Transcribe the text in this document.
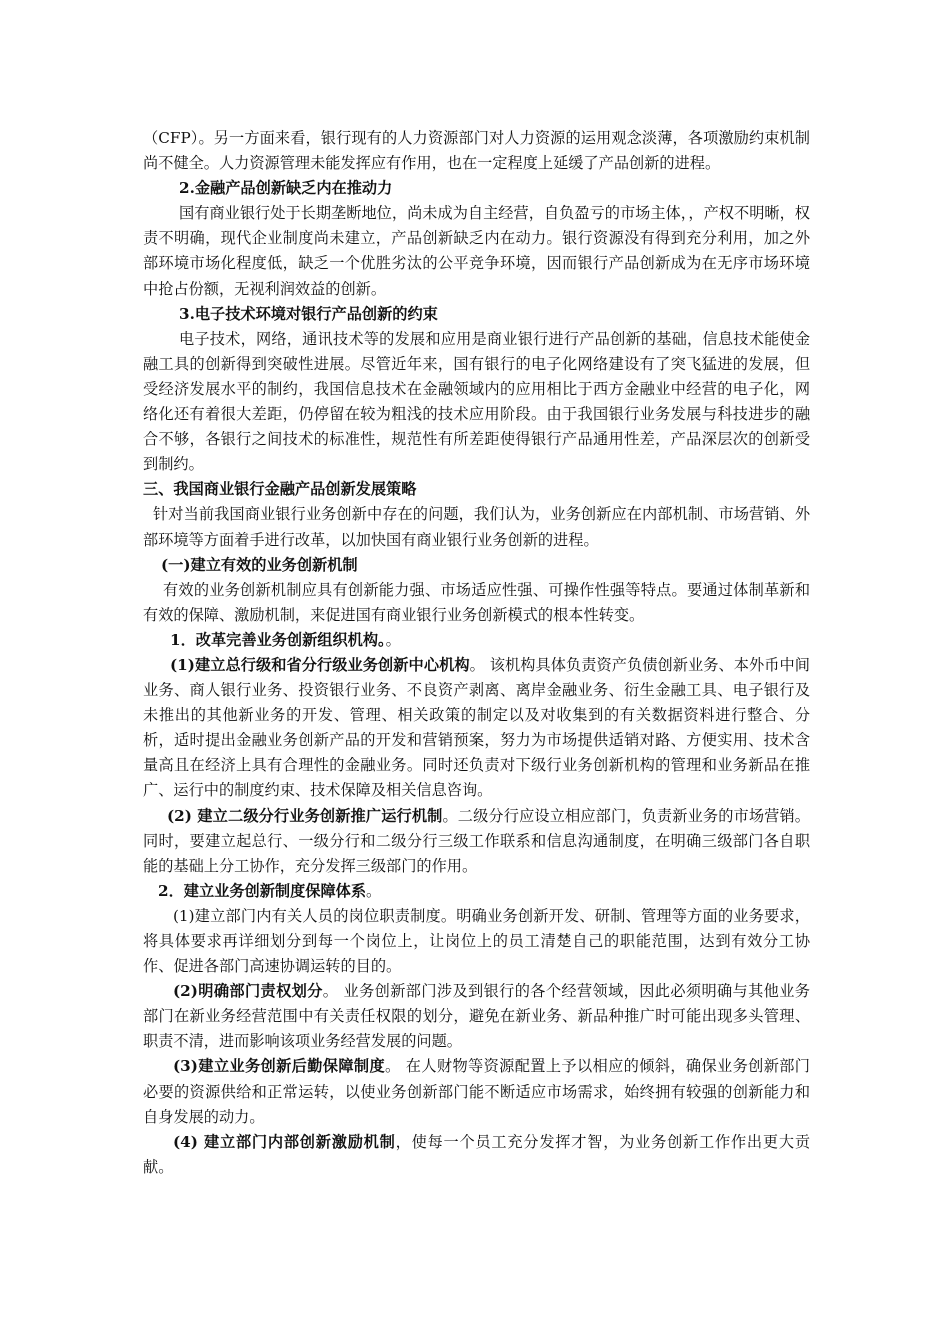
（CFP）。另一方面来看，银行现有的人力资源部门对人力资源的运用观念淡薄，各项激励约束机制尚不健全。人力资源管理未能发挥应有作用，也在一定程度上延缓了产品创新的进程。

2.金融产品创新缺乏内在推动力

国有商业银行处于长期垄断地位，尚未成为自主经营，自负盈亏的市场主体，，产权不明晰，权责不明确，现代企业制度尚未建立，产品创新缺乏内在动力。银行资源没有得到充分利用，加之外部环境市场化程度低，缺乏一个优胜劣汰的公平竞争环境，因而银行产品创新成为在无序市场环境中抢占份额，无视利润效益的创新。

3.电子技术环境对银行产品创新的约束

电子技术，网络，通讯技术等的发展和应用是商业银行进行产品创新的基础，信息技术能使金融工具的创新得到突破性进展。尽管近年来，国有银行的电子化网络建设有了突飞猛进的发展，但受经济发展水平的制约，我国信息技术在金融领域内的应用相比于西方金融业中经营的电子化，网络化还有着很大差距，仍停留在较为粗浅的技术应用阶段。由于我国银行业务发展与科技进步的融合不够，各银行之间技术的标准性，规范性有所差距使得银行产品通用性差，产品深层次的创新受到制约。

三、我国商业银行金融产品创新发展策略

针对当前我国商业银行业务创新中存在的问题，我们认为，业务创新应在内部机制、市场营销、外部环境等方面着手进行改革，以加快国有商业银行业务创新的进程。

(一)建立有效的业务创新机制

有效的业务创新机制应具有创新能力强、市场适应性强、可操作性强等特点。要通过体制革新和有效的保障、激励机制，来促进国有商业银行业务创新模式的根本性转变。

1．改革完善业务创新组织机构。。

(1)建立总行级和省分行级业务创新中心机构。 该机构具体负责资产负债创新业务、本外币中间业务、商人银行业务、投资银行业务、不良资产剥离、离岸金融业务、衍生金融工具、电子银行及未推出的其他新业务的开发、管理、相关政策的制定以及对收集到的有关数据资料进行整合、分析，适时提出金融业务创新产品的开发和营销预案，努力为市场提供适销对路、方便实用、技术含量高且在经济上具有合理性的金融业务。同时还负责对下级行业务创新机构的管理和业务新品在推广、运行中的制度约束、技术保障及相关信息咨询。

(2) 建立二级分行业务创新推广运行机制。二级分行应设立相应部门，负责新业务的市场营销。同时，要建立起总行、一级分行和二级分行三级工作联系和信息沟通制度，在明确三级部门各自职能的基础上分工协作，充分发挥三级部门的作用。

2．建立业务创新制度保障体系。

(1)建立部门内有关人员的岗位职责制度。明确业务创新开发、研制、管理等方面的业务要求，将具体要求再详细划分到每一个岗位上，让岗位上的员工清楚自己的职能范围，达到有效分工协作、促进各部门高速协调运转的目的。

(2)明确部门责权划分。 业务创新部门涉及到银行的各个经营领域，因此必须明确与其他业务部门在新业务经营范围中有关责任权限的划分，避免在新业务、新品种推广时可能出现多头管理、职责不清，进而影响该项业务经营发展的问题。

(3)建立业务创新后勤保障制度。 在人财物等资源配置上予以相应的倾斜，确保业务创新部门必要的资源供给和正常运转，以使业务创新部门能不断适应市场需求，始终拥有较强的创新能力和自身发展的动力。

(4) 建立部门内部创新激励机制，使每一个员工充分发挥才智，为业务创新工作作出更大贡献。
